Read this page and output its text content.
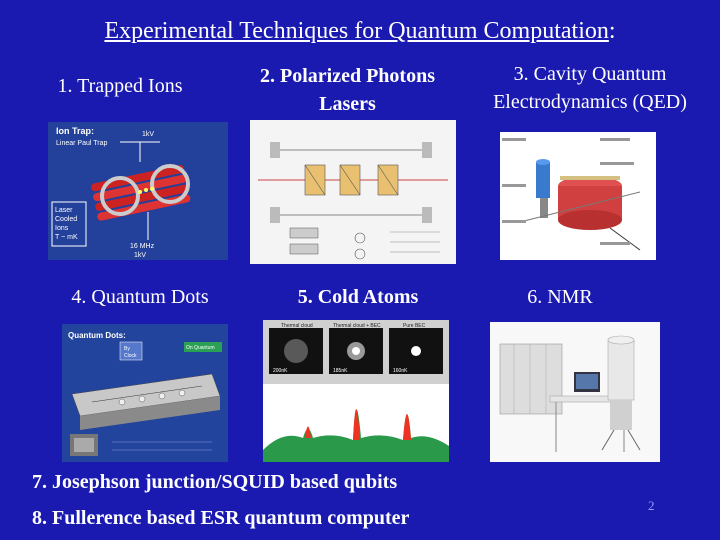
Experimental Techniques for Quantum Computation:
1. Trapped Ions	2. Polarized Photons
Lasers
3. Cavity Quantum
Electrodynamics (QED)
Ion Trap:
Linear Paul Trap
1kV
Laser
Cooled
Ions
T ~ mK
16 MHz
1kV
4. Quantum Dots	5. Cold Atoms	6. NMR
Quantum Dots:
By
Clock
On Quantum
Thermal cloud	Thermal cloud + BEC	Pure BEC
200nK	185nK	160nK
7. Josephson junction/SQUID based qubits
8. Fullerence based ESR quantum computer
2
